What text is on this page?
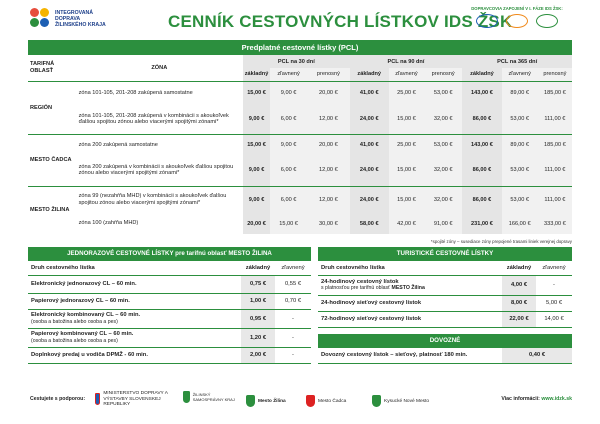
INTEGROVANÁ
DOPRAVA
ŽILINSKÉHO KRAJA	CENNÍK CESTOVNÝCH LÍSTKOV IDS ŽSK
DOPRAVCOVIA ZAPOJENÍ V I. FÁZE IDS ŽSK:
Predplatné cestovné lístky (PCL)
TARIFNÁ OBLASŤ	ZÓNA	PCL na 30 dní			PCL na 90 dní			PCL na 365 dní		
		základný	zľavnený	prenosný	základný	zľavnený	prenosný	základný	zľavnený	prenosný
REGIÓN	zóna 101-105, 201-208 zakúpená samostatne	15,00 €	9,00 €	20,00 €	41,00 €	25,00 €	53,00 €	143,00 €	89,00 €	185,00 €
	zóna 101-105, 201-208 zakúpená v kombinácii s akoukoľvek ďalšou spojitou zónou alebo viacerými spojitými zónami*	9,00 €	6,00 €	12,00 €	24,00 €	15,00 €	32,00 €	86,00 €	53,00 €	111,00 €
MESTO ČADCA	zóna 200 zakúpená samostatne	15,00 €	9,00 €	20,00 €	41,00 €	25,00 €	53,00 €	143,00 €	89,00 €	185,00 €
	zóna 200 zakúpená v kombinácii s akoukoľvek ďalšou spojitou zónou alebo viacerými spojitými zónami*	9,00 €	6,00 €	12,00 €	24,00 €	15,00 €	32,00 €	86,00 €	53,00 €	111,00 €
MESTO ŽILINA	zóna 99 (nezahŕňa MHD) v kombinácii s akoukoľvek ďalšou spojitou zónou alebo viacerými spojitými zónami*	9,00 €	6,00 €	12,00 €	24,00 €	15,00 €	32,00 €	86,00 €	53,00 €	111,00 €
	zóna 100 (zahŕňa MHD)	20,00 €	15,00 €	30,00 €	58,00 €	42,00 €	91,00 €	231,00 €	166,00 €	333,00 €
*spojité zóny – susediace zóny prepojené trasami liniek verejnej dopravy
JEDNORAZOVÉ CESTOVNÉ LÍSTKY pre tarifnú oblasť MESTO ŽILINA
Druh cestovného lístka	základný	zľavnený

Elektronický jednorazový CL – 60 min.	0,75 €	0,55 €

Papierový jednorazový CL – 60 min.	1,00 €	0,70 €

Elektronický kombinovaný CL – 60 min.
(osoba a batožina alebo osoba a pes)	0,95 €	-

Papierový kombinovaný CL – 60 min.
(osoba a batožina alebo osoba a pes)	1,20 €	-

Doplnkový predaj u vodiča DPMŽ - 60 min.	2,00 €	-
TURISTICKÉ CESTOVNÉ LÍSTKY
Druh cestovného lístka	základný	zľavnený

24-hodinový cestovný lístok
s platnosťou pre tarifnú oblasť MESTO Žilina	4,00 €	-

24-hodinový sieťový cestovný lístok	8,00 €	5,00 €

72-hodinový sieťový cestovný lístok	22,00 €	14,00 €
DOVOZNÉ
Dovozný cestovný lístok – sieťový, platnosť 180 min.	0,40 €
Cestujete s podporou:
MINISTERSTVO DOPRAVY A VÝSTAVBY SLOVENSKEJ REPUBLIKY
ŽILINSKÝ SAMOSPRÁVNY KRAJ	Mesto Žilina	Mesto Čadca	Kysucké Nové Mesto	Viac informácií: www.idzk.sk
